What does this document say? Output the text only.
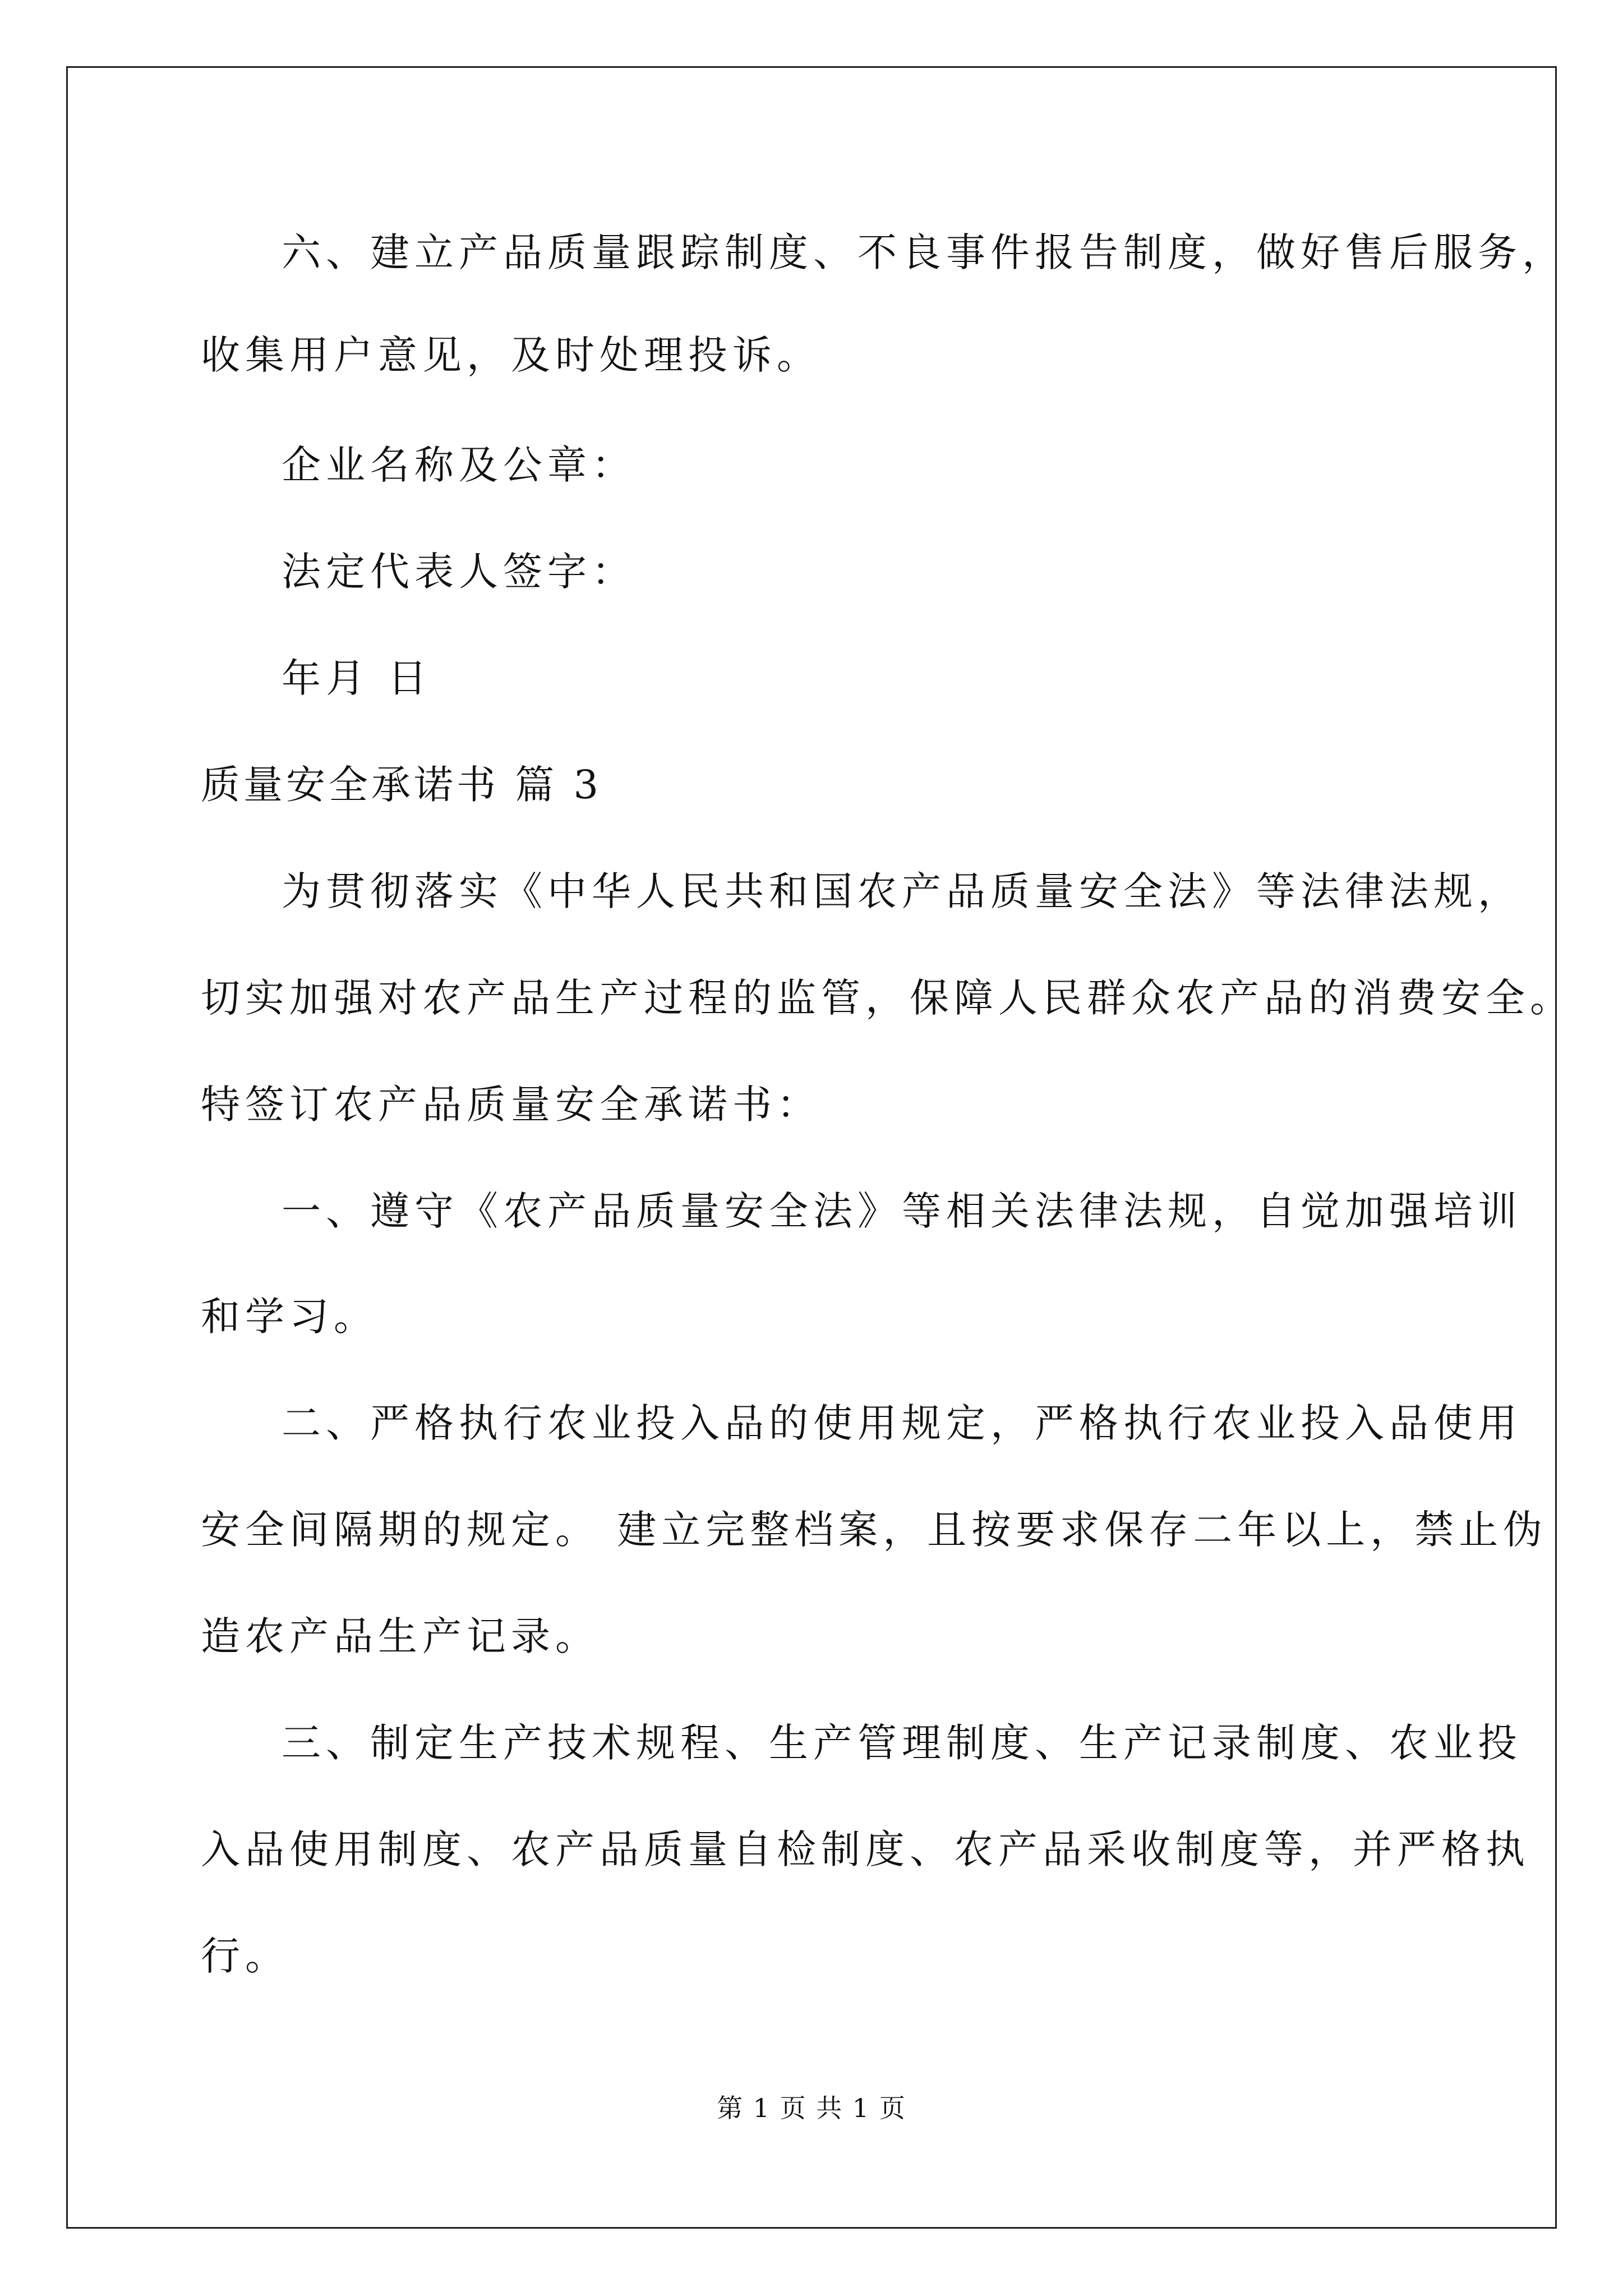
六、建立产品质量跟踪制度、不良事件报告制度，做好售后服务，

收集用户意见，及时处理投诉。

企业名称及公章：

法定代表人签字：

年月 日

质量安全承诺书 篇 3

为贯彻落实《中华人民共和国农产品质量安全法》等法律法规，

切实加强对农产品生产过程的监管，保障人民群众农产品的消费安全。

特签订农产品质量安全承诺书：

一、遵守《农产品质量安全法》等相关法律法规，自觉加强培训

和学习。

二、严格执行农业投入品的使用规定，严格执行农业投入品使用

安全间隔期的规定。 建立完整档案，且按要求保存二年以上，禁止伪

造农产品生产记录。

三、制定生产技术规程、生产管理制度、生产记录制度、农业投

入品使用制度、农产品质量自检制度、农产品采收制度等，并严格执

行。

第 1 页 共 1 页
